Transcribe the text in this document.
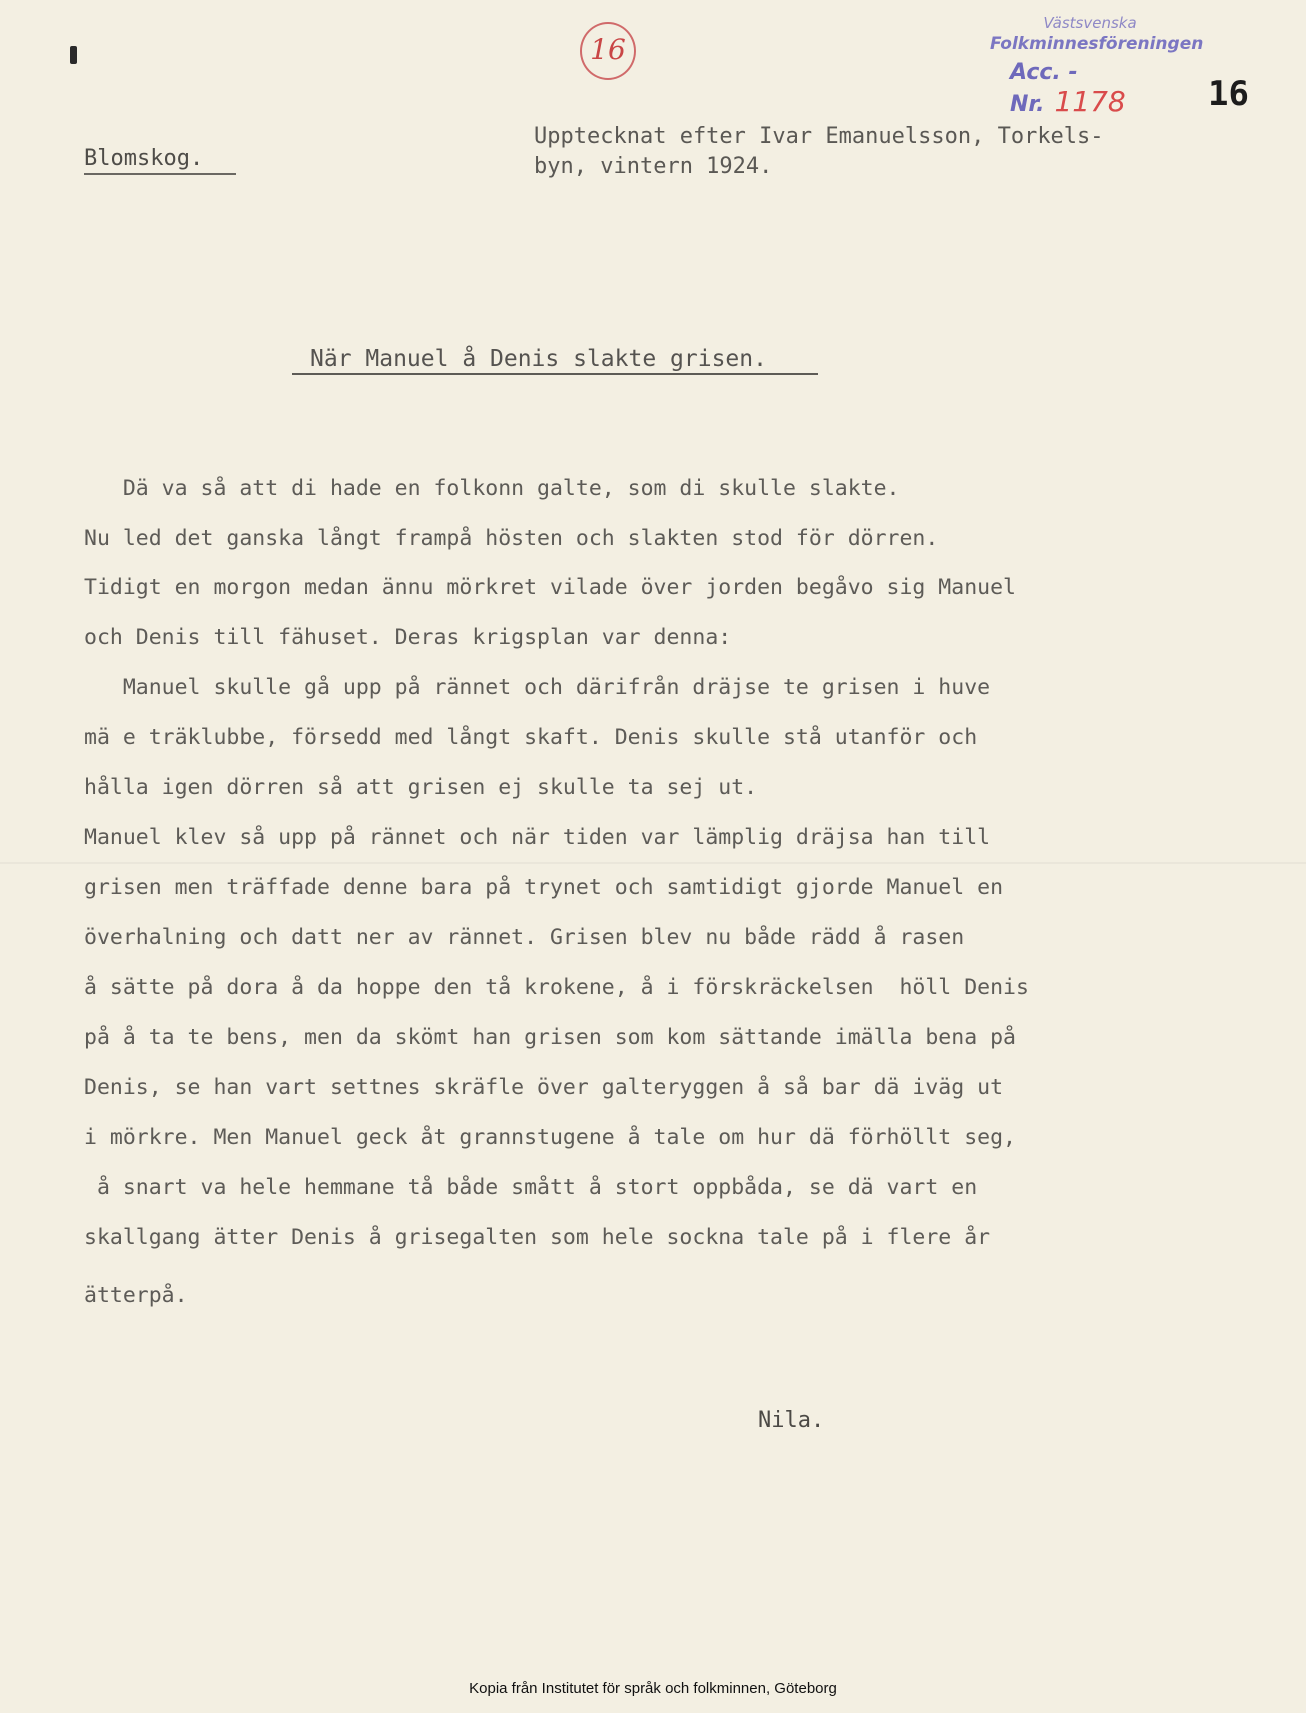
16
Västsvenska
Folkminnesföreningen
Acc. - Nr. 1178	16
Blomskog.
Upptecknat efter Ivar Emanuelsson, Torkels-
byn, vintern 1924.
När Manuel å Denis slakte grisen.
Dä va så att di hade en folkonn galte, som di skulle slakte.
Nu led det ganska långt frampå hösten och slakten stod för dörren.
Tidigt en morgon medan ännu mörkret vilade över jorden begåvo sig Manuel
och Denis till fähuset. Deras krigsplan var denna:
Manuel skulle gå upp på rännet och därifrån dräjse te grisen i huve
mä e träklubbe, försedd med långt skaft. Denis skulle stå utanför och
hålla igen dörren så att grisen ej skulle ta sej ut.
Manuel klev så upp på rännet och när tiden var lämplig dräjsa han till
grisen men träffade denne bara på trynet och samtidigt gjorde Manuel en
överhalning och datt ner av rännet. Grisen blev nu både rädd å rasen
å sätte på dora å da hoppe den tå krokene, å i förskräckelsen  höll Denis
på å ta te bens, men da skömt han grisen som kom sättande imälla bena på
Denis, se han vart settnes skräfle över galteryggen å så bar dä iväg ut
i mörkre. Men Manuel geck åt grannstugene å tale om hur dä förhöllt seg,
å snart va hele hemmane tå både smått å stort oppbåda, se dä vart en
skallgang ätter Denis å grisegalten som hele sockna tale på i flere år
ätterpå.
Nila.
Kopia från Institutet för språk och folkminnen, Göteborg
